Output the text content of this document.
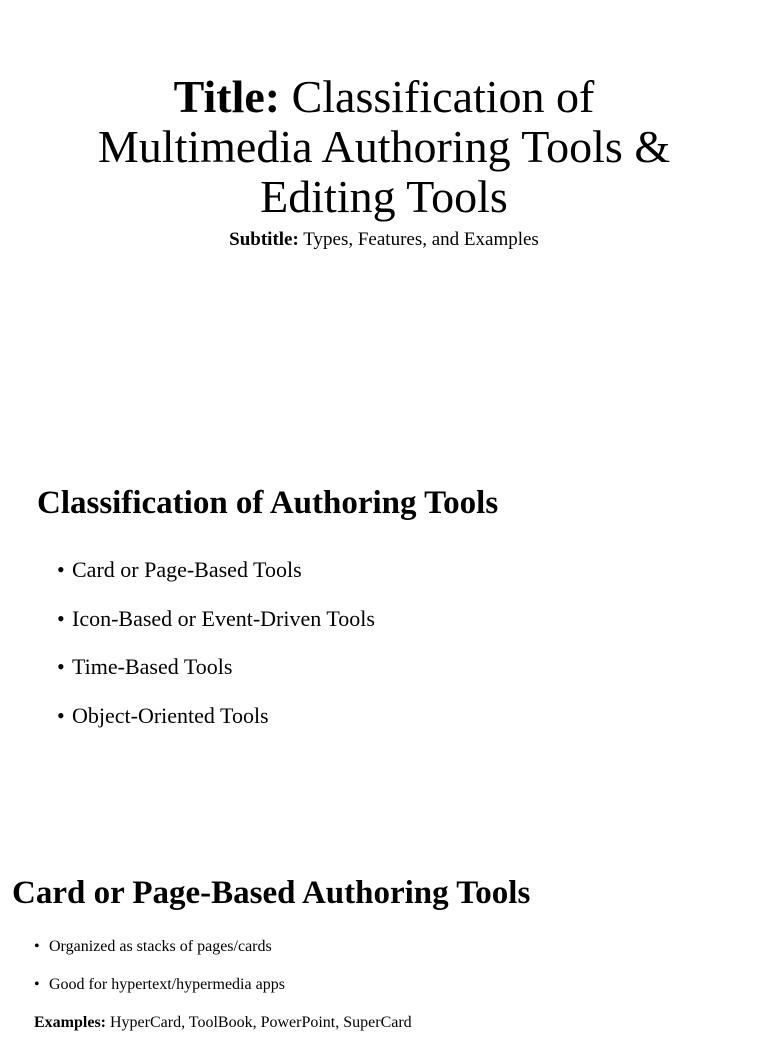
Title: Classification of Multimedia Authoring Tools & Editing Tools
Subtitle: Types, Features, and Examples
Classification of Authoring Tools
• Card or Page-Based Tools
• Icon-Based or Event-Driven Tools
• Time-Based Tools
• Object-Oriented Tools
Card or Page-Based Authoring Tools
• Organized as stacks of pages/cards
• Good for hypertext/hypermedia apps
Examples: HyperCard, ToolBook, PowerPoint, SuperCard
